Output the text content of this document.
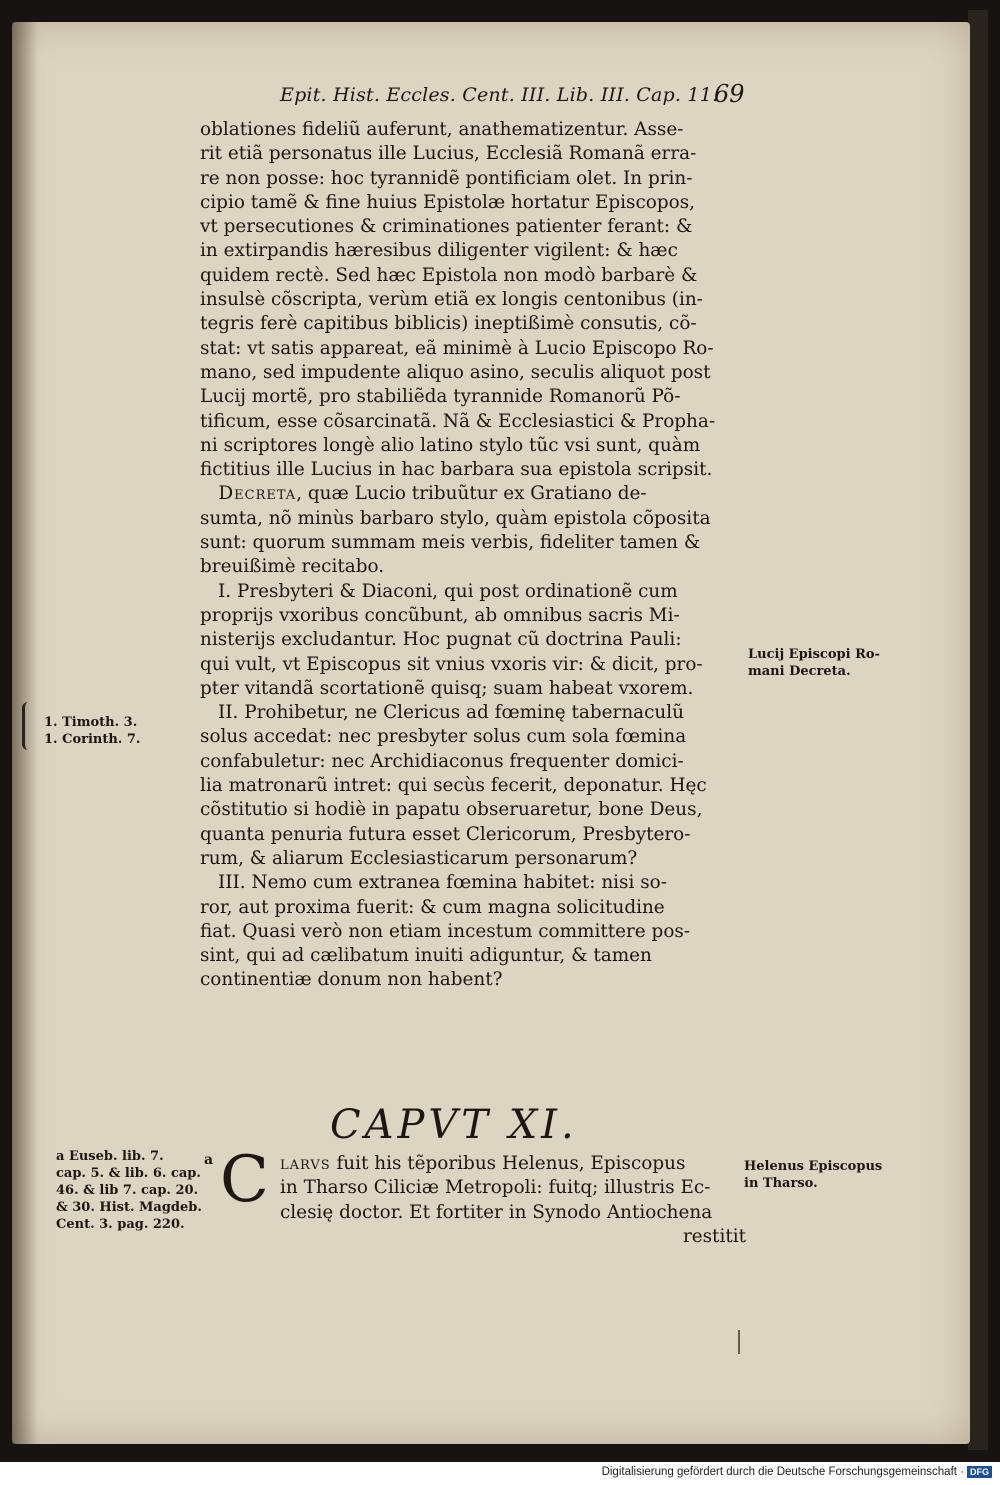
Epit. Hist. Eccles. Cent. III. Lib. III. Cap. 11.
69
oblationes fideliũ auferunt, anathematizentur. Asse-
rit etiã personatus ille Lucius, Ecclesiã Romanã erra-
re non posse: hoc tyrannidẽ pontificiam olet. In prin-
cipio tamẽ & fine huius Epistolæ hortatur Episcopos,
vt persecutiones & criminationes patienter ferant: &
in extirpandis hæresibus diligenter vigilent: & hæc
quidem rectè. Sed hæc Epistola non modò barbarè &
insulsè cõscripta, verùm etiã ex longis centonibus (in-
tegris ferè capitibus biblicis) ineptißimè consutis, cõ-
stat: vt satis appareat, eã minimè à Lucio Episcopo Ro-
mano, sed impudente aliquo asino, seculis aliquot post
Lucij mortẽ, pro stabiliẽda tyrannide Romanorũ Põ-
tificum, esse cõsarcinatã. Nã & Ecclesiastici & Propha-
ni scriptores longè alio latino stylo tũc vsi sunt, quàm
fictitius ille Lucius in hac barbara sua epistola scripsit.
 Decreta, quæ Lucio tribuũtur ex Gratiano de-
sumta, nõ minùs barbaro stylo, quàm epistola cõposita
sunt: quorum summam meis verbis, fideliter tamen &
breuißimè recitabo.
I. Presbyteri & Diaconi, qui post ordinationẽ cum
proprijs vxoribus concũbunt, ab omnibus sacris Mi-
nisterijs excludantur. Hoc pugnat cũ doctrina Pauli:
qui vult, vt Episcopus sit vnius vxoris vir: & dicit, pro-
pter vitandã scortationẽ quisq; suam habeat vxorem.
II. Prohibetur, ne Clericus ad fœminę tabernaculũ
solus accedat: nec presbyter solus cum sola fœmina
confabuletur: nec Archidiaconus frequenter domici-
lia matronarũ intret: qui secùs fecerit, deponatur. Hęc
cõstitutio si hodiè in papatu obseruaretur, bone Deus,
quanta penuria futura esset Clericorum, Presbytero-
rum, & aliarum Ecclesiasticarum personarum?
III. Nemo cum extranea fœmina habitet: nisi so-
ror, aut proxima fuerit: & cum magna solicitudine
fiat. Quasi verò non etiam incestum committere pos-
sint, qui ad cælibatum inuiti adiguntur, & tamen
continentiæ donum non habent?
CAPVT XI.
a C larvs fuit his tẽporibus Helenus, Episcopus
in Tharso Ciliciæ Metropoli: fuitq; illustris Ec-
clesię doctor. Et fortiter in Synodo Antiochena
restitit
1. Timoth. 3.
1. Corinth. 7.
Lucij Episcopi Ro-
mani Decreta.
a Euseb. lib. 7.
cap. 5. & lib. 6. cap.
46. & lib 7. cap. 20.
& 30. Hist. Magdeb.
Cent. 3. pag. 220.
Helenus Episcopus
in Tharso.
Digitalisierung gefördert durch die Deutsche Forschungsgemeinschaft · DFG
